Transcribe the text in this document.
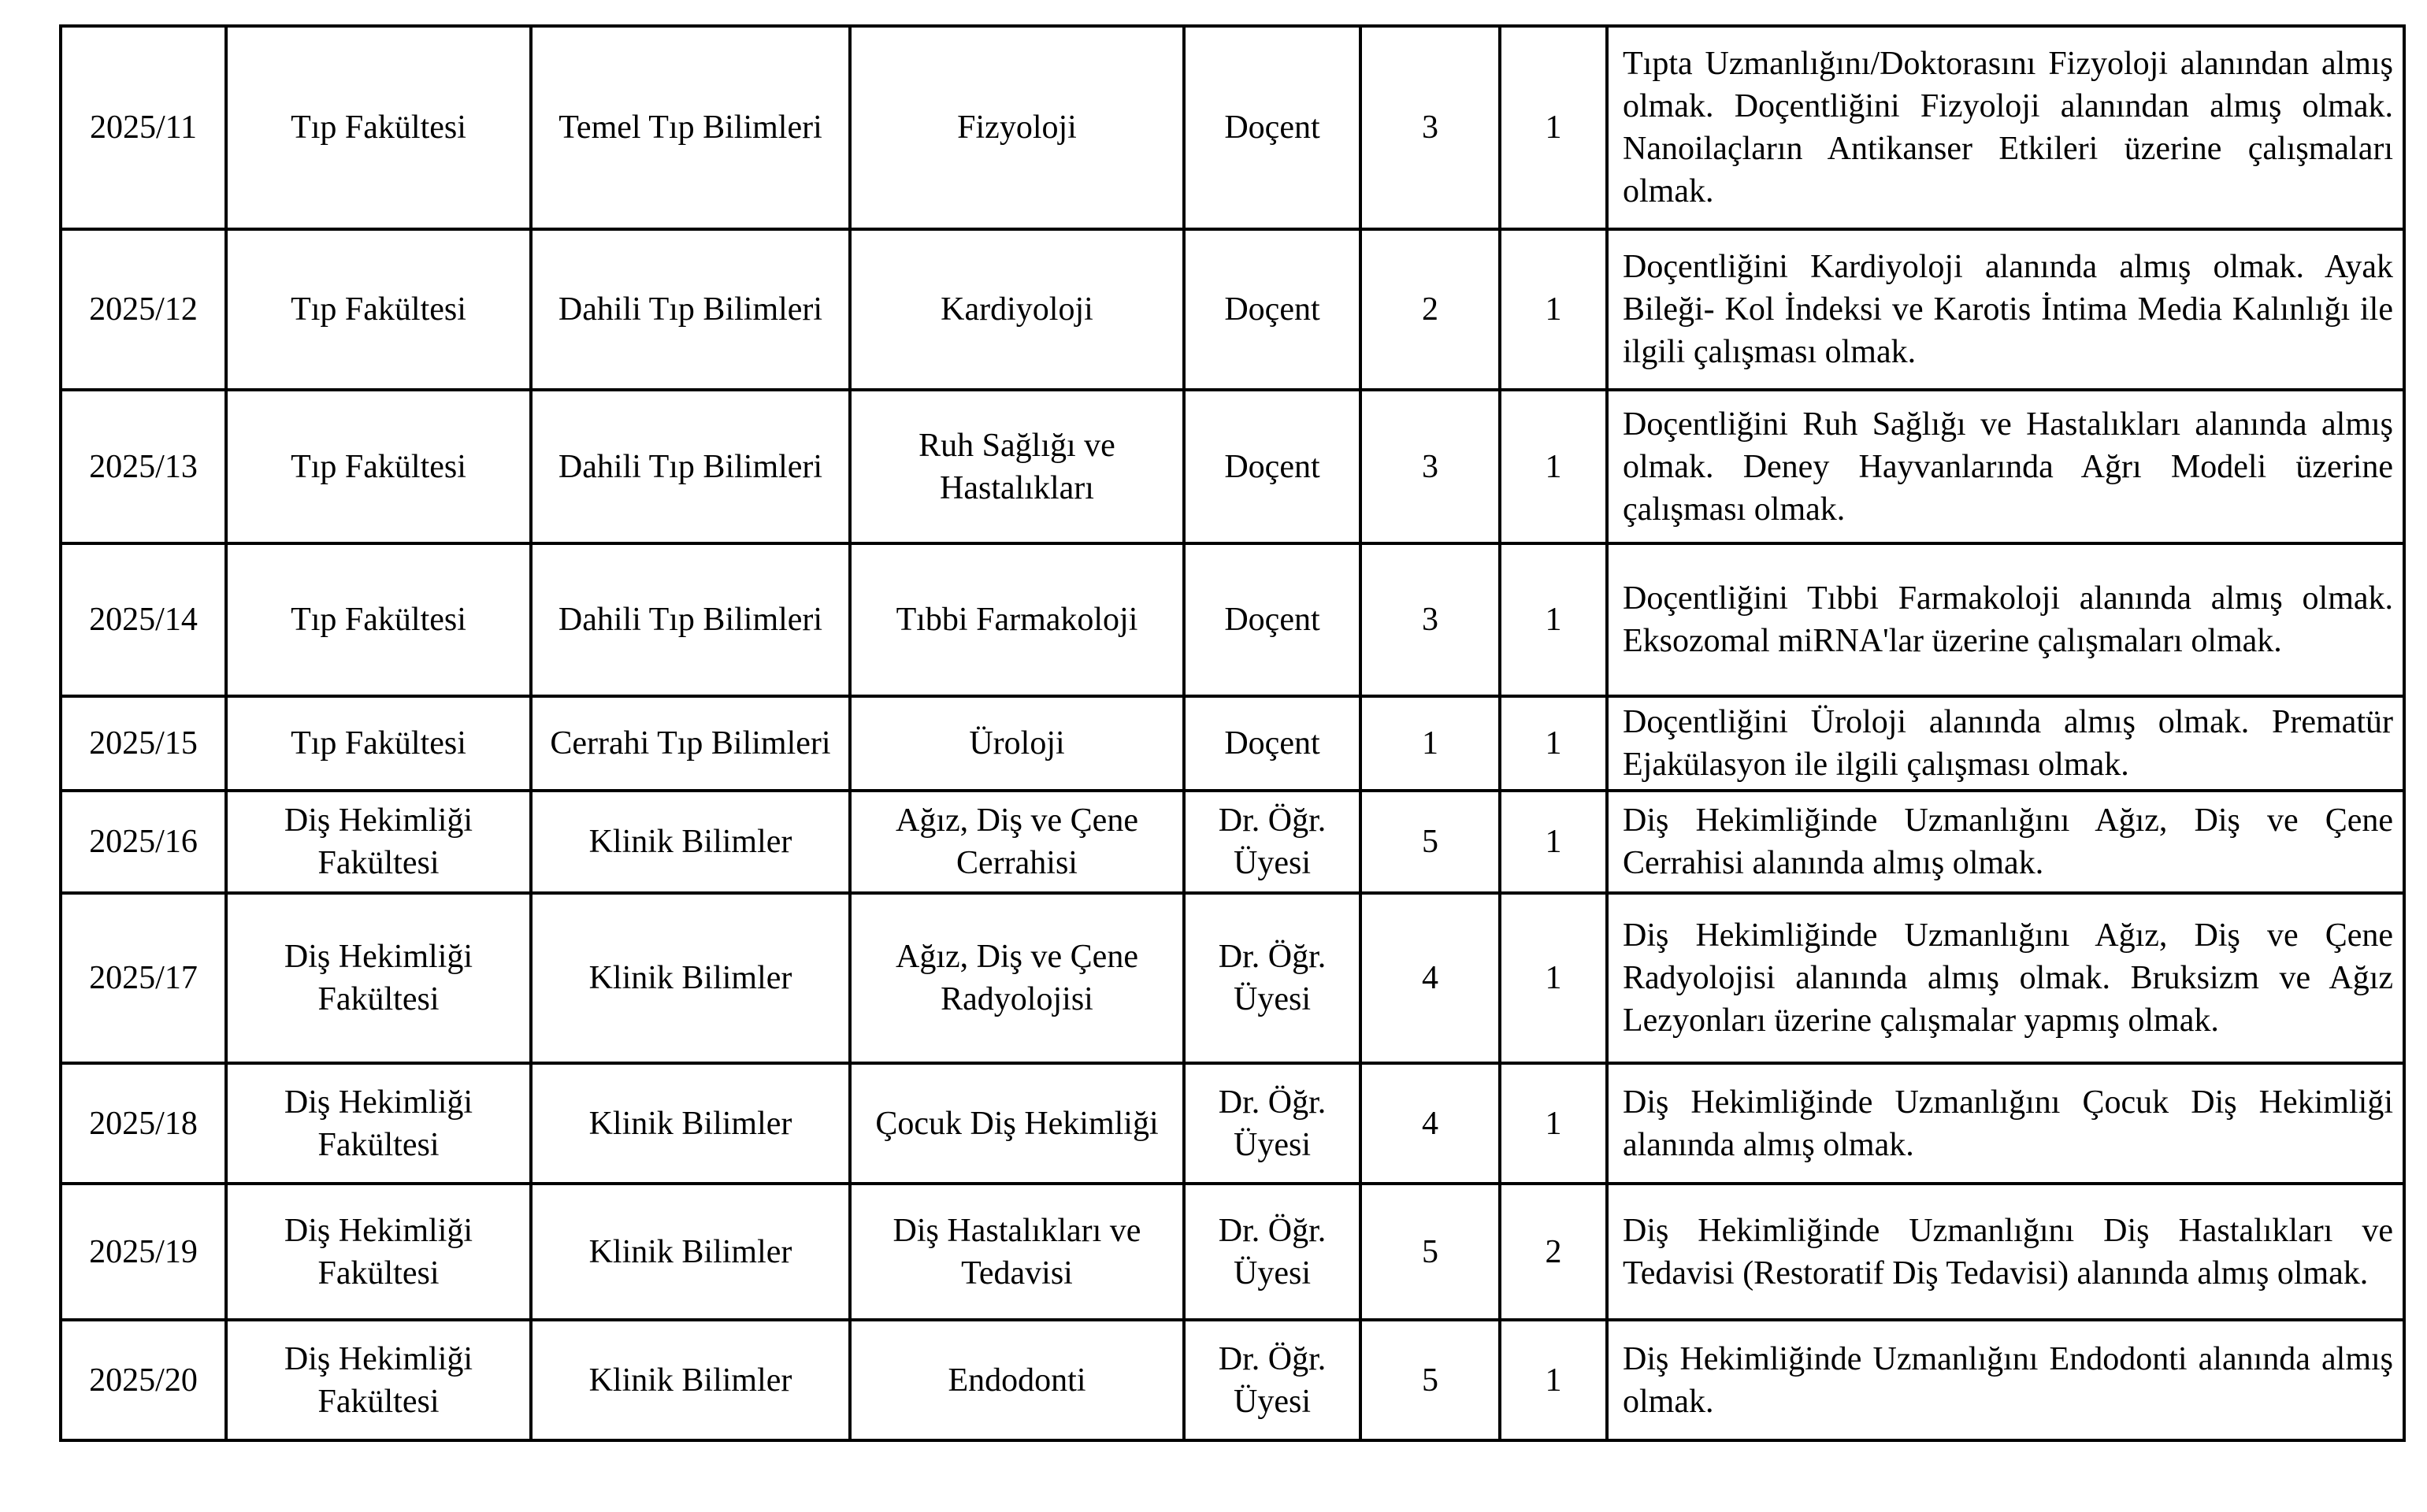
2025/11	Tıp Fakültesi	Temel Tıp Bilimleri	Fizyoloji	Doçent	3	1	Tıpta Uzmanlığını/Doktorasını Fizyoloji alanından almış olmak. Doçentliğini Fizyoloji alanından almış olmak. Nanoilaçların Antikanser Etkileri üzerine çalışmaları olmak.
2025/12	Tıp Fakültesi	Dahili Tıp Bilimleri	Kardiyoloji	Doçent	2	1	Doçentliğini Kardiyoloji alanında almış olmak. Ayak Bileği- Kol İndeksi ve Karotis İntima Media Kalınlığı ile ilgili çalışması olmak.
2025/13	Tıp Fakültesi	Dahili Tıp Bilimleri	Ruh Sağlığı ve Hastalıkları	Doçent	3	1	Doçentliğini Ruh Sağlığı ve Hastalıkları alanında almış olmak. Deney Hayvanlarında Ağrı Modeli üzerine çalışması olmak.
2025/14	Tıp Fakültesi	Dahili Tıp Bilimleri	Tıbbi Farmakoloji	Doçent	3	1	Doçentliğini Tıbbi Farmakoloji alanında almış olmak. Eksozomal miRNA'lar üzerine çalışmaları olmak.
2025/15	Tıp Fakültesi	Cerrahi Tıp Bilimleri	Üroloji	Doçent	1	1	Doçentliğini Üroloji alanında almış olmak. Prematür Ejakülasyon ile ilgili çalışması olmak.
2025/16	Diş Hekimliği Fakültesi	Klinik Bilimler	Ağız, Diş ve Çene Cerrahisi	Dr. Öğr. Üyesi	5	1	Diş Hekimliğinde Uzmanlığını Ağız, Diş ve Çene Cerrahisi alanında almış olmak.
2025/17	Diş Hekimliği Fakültesi	Klinik Bilimler	Ağız, Diş ve Çene Radyolojisi	Dr. Öğr. Üyesi	4	1	Diş Hekimliğinde Uzmanlığını Ağız, Diş ve Çene Radyolojisi alanında almış olmak. Bruksizm ve Ağız Lezyonları üzerine çalışmalar yapmış olmak.
2025/18	Diş Hekimliği Fakültesi	Klinik Bilimler	Çocuk Diş Hekimliği	Dr. Öğr. Üyesi	4	1	Diş Hekimliğinde Uzmanlığını Çocuk Diş Hekimliği alanında almış olmak.
2025/19	Diş Hekimliği Fakültesi	Klinik Bilimler	Diş Hastalıkları ve Tedavisi	Dr. Öğr. Üyesi	5	2	Diş Hekimliğinde Uzmanlığını Diş Hastalıkları ve Tedavisi (Restoratif Diş Tedavisi) alanında almış olmak.
2025/20	Diş Hekimliği Fakültesi	Klinik Bilimler	Endodonti	Dr. Öğr. Üyesi	5	1	Diş Hekimliğinde Uzmanlığını Endodonti alanında almış olmak.
